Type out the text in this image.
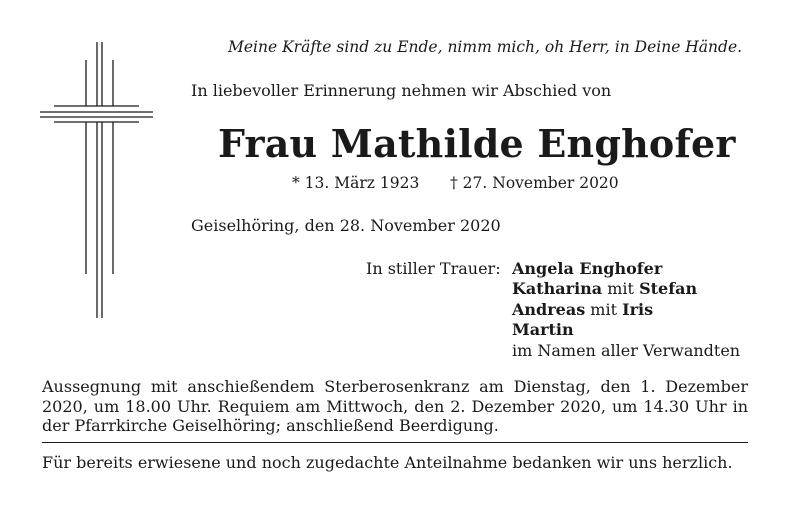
Meine Kräfte sind zu Ende, nimm mich, oh Herr, in Deine Hände.
In liebevoller Erinnerung nehmen wir Abschied von
Frau Mathilde Enghofer
* 13. März 1923 † 27. November 2020
Geiselhöring, den 28. November 2020
In stiller Trauer: Angela Enghofer
Katharina mit Stefan
Andreas mit Iris
Martin
im Namen aller Verwandten
Aussegnung mit anschießendem Sterberosenkranz am Dienstag, den 1. Dezember 2020, um 18.00 Uhr. Requiem am Mittwoch, den 2. Dezember 2020, um 14.30 Uhr in der Pfarrkirche Geiselhöring; anschließend Beerdigung.
Für bereits erwiesene und noch zugedachte Anteilnahme bedanken wir uns herzlich.
